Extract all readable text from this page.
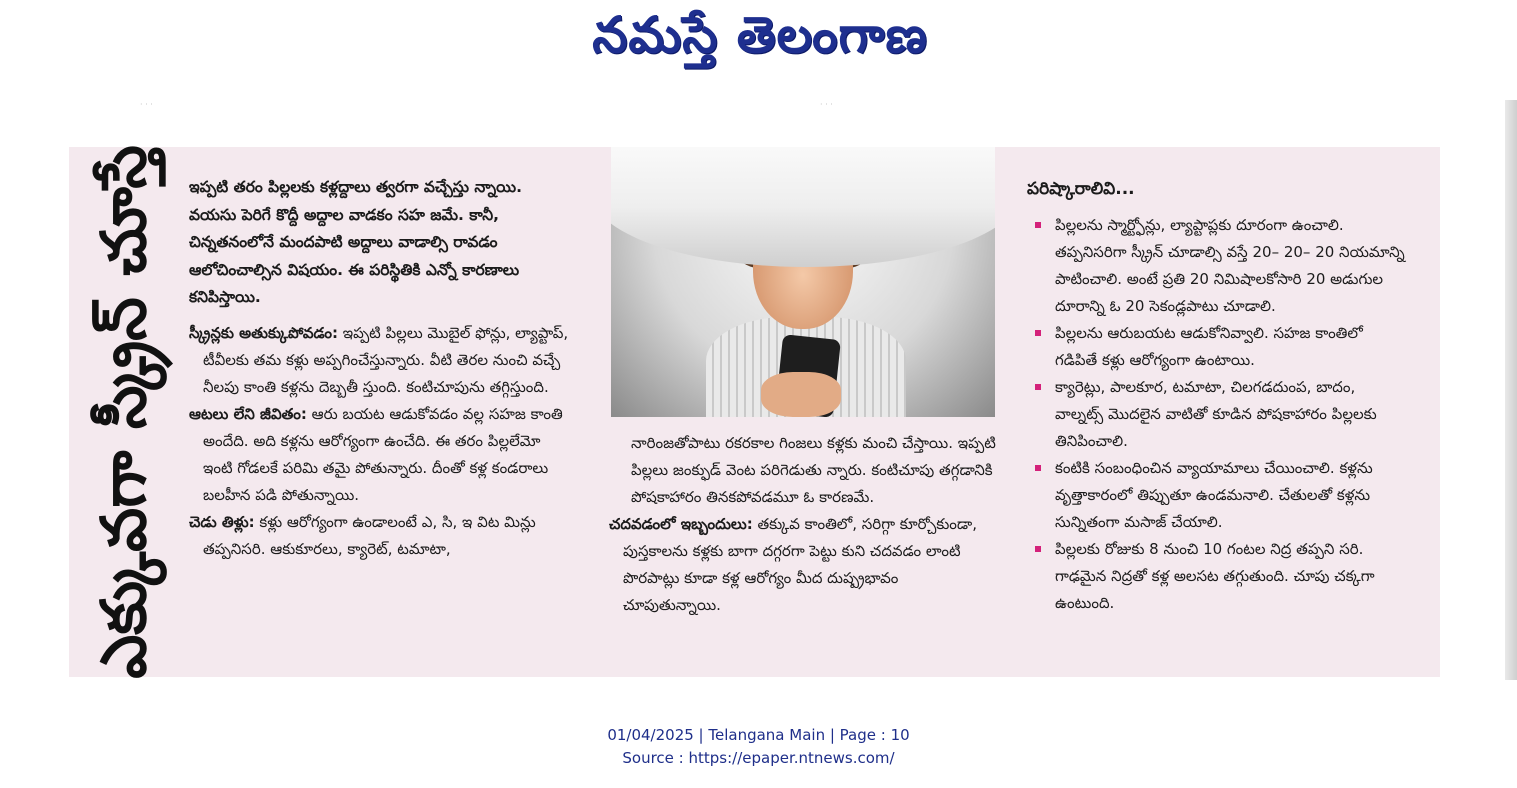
నమస్తే తెలంగాణ
· · ·	· · ·
ఎక్కువగా స్క్రీన్ చూస్తే ఇప్పటి తరం పిల్లలకు కళ్లద్దాలు త్వరగా వచ్చేస్తు న్నాయి. వయసు పెరిగే కొద్దీ అద్దాల వాడకం సహ జమే. కానీ, చిన్నతనంలోనే మందపాటి అద్దాలు వాడాల్సి రావడం ఆలోచించాల్సిన విషయం. ఈ పరిస్థితికి ఎన్నో కారణాలు కనిపిస్తాయి.

స్క్రీన్లకు అతుక్కుపోవడం: ఇప్పటి పిల్లలు మొబైల్ ఫోన్లు, ల్యాప్టాప్, టీవీలకు తమ కళ్లు అప్పగించేస్తున్నారు. వీటి తెరల నుంచి వచ్చే నీలపు కాంతి కళ్లను దెబ్బతీ స్తుంది. కంటిచూపును తగ్గిస్తుంది.

ఆటలు లేని జీవితం: ఆరు బయట ఆడుకోవడం వల్ల సహజ కాంతి అందేది. అది కళ్లను ఆరోగ్యంగా ఉంచేది. ఈ తరం పిల్లలేమో ఇంటి గోడలకే పరిమి తమై పోతున్నారు. దీంతో కళ్ల కండరాలు బలహీన పడి పోతున్నాయి.

చెడు తిళ్లు: కళ్లు ఆరోగ్యంగా ఉండాలంటే ఎ, సి, ఇ విట మిన్లు తప్పనిసరి. ఆకుకూరలు, క్యారెట్, టమాటా,

నారింజతోపాటు రకరకాల గింజలు కళ్లకు మంచి చేస్తాయి. ఇప్పటి పిల్లలు జంక్ఫుడ్ వెంట పరిగెడుతు న్నారు. కంటిచూపు తగ్గడానికి పోషకాహారం తినకపోవడమూ ఓ కారణమే.

చదవడంలో ఇబ్బందులు: తక్కువ కాంతిలో, సరిగ్గా కూర్చోకుండా, పుస్తకాలను కళ్లకు బాగా దగ్గరగా పెట్టు కుని చదవడం లాంటి పొరపాట్లు కూడా కళ్ల ఆరోగ్యం మీద దుష్ప్రభావం చూపుతున్నాయి.

పరిష్కారాలివి...
పిల్లలను స్మార్ట్ఫోన్లు, ల్యాప్టాప్లకు దూరంగా ఉంచాలి. తప్పనిసరిగా స్క్రీన్ చూడాల్సి వస్తే 20– 20– 20 నియమాన్ని పాటించాలి. అంటే ప్రతి 20 నిమిషాలకోసారి 20 అడుగుల దూరాన్ని ఓ 20 సెకండ్లపాటు చూడాలి.
పిల్లలను ఆరుబయట ఆడుకోనివ్వాలి. సహజ కాంతిలో గడిపితే కళ్లు ఆరోగ్యంగా ఉంటాయి.
క్యారెట్లు, పాలకూర, టమాటా, చిలగడదుంప, బాదం, వాల్నట్స్ మొదలైన వాటితో కూడిన పోషకాహారం పిల్లలకు తినిపించాలి.
కంటికి సంబంధించిన వ్యాయామాలు చేయించాలి. కళ్లను వృత్తాకారంలో తిప్పుతూ ఉండమనాలి. చేతులతో కళ్లను సున్నితంగా మసాజ్ చేయాలి.
పిల్లలకు రోజుకు 8 నుంచి 10 గంటల నిద్ర తప్పని సరి. గాఢమైన నిద్రతో కళ్ల అలసట తగ్గుతుంది. చూపు చక్కగా ఉంటుంది.
01/04/2025 | Telangana Main | Page : 10
Source : https://epaper.ntnews.com/
